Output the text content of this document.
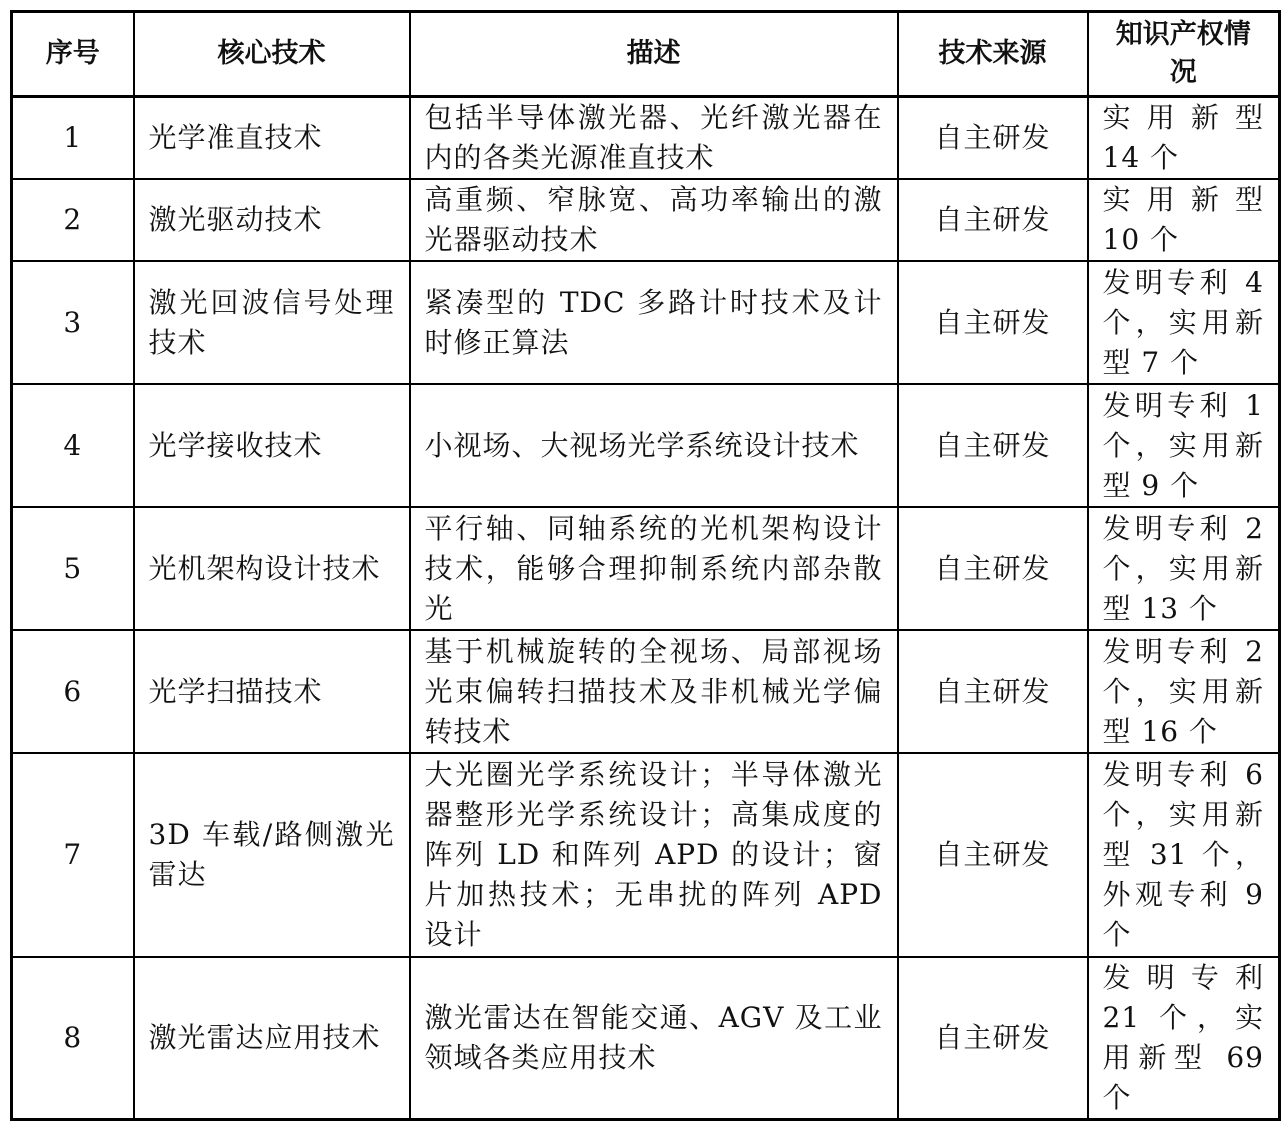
序号	核心技术	描述	技术来源	知识产权情况
1	光学准直技术	包括半导体激光器、光纤激光器在内的各类光源准直技术	自主研发	实 用 新 型 14 个
2	激光驱动技术	高重频、窄脉宽、高功率输出的激光器驱动技术	自主研发	实 用 新 型 10 个
3	激光回波信号处理技术	紧凑型的 TDC 多路计时技术及计时修正算法	自主研发	发明专利 4 个，实用新型 7 个
4	光学接收技术	小视场、大视场光学系统设计技术	自主研发	发明专利 1 个，实用新型 9 个
5	光机架构设计技术	平行轴、同轴系统的光机架构设计技术，能够合理抑制系统内部杂散光	自主研发	发明专利 2 个，实用新型 13 个
6	光学扫描技术	基于机械旋转的全视场、局部视场光束偏转扫描技术及非机械光学偏转技术	自主研发	发明专利 2 个，实用新型 16 个
7	3D 车载/路侧激光雷达	大光圈光学系统设计；半导体激光器整形光学系统设计；高集成度的阵列 LD 和阵列 APD 的设计；窗片加热技术；无串扰的阵列 APD 设计	自主研发	发明专利 6 个，实用新型 31 个，外观专利 9 个
8	激光雷达应用技术	激光雷达在智能交通、AGV 及工业领域各类应用技术	自主研发	发 明 专 利 21 个，实用新型 69 个
